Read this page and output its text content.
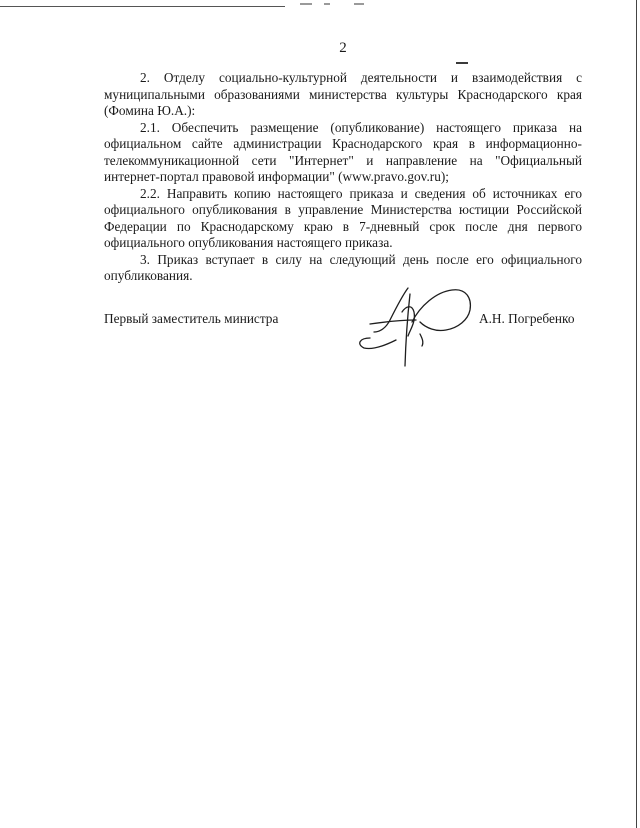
2

2. Отделу социально-культурной деятельности и взаимодействия с муниципальными образованиями министерства культуры Краснодарского края (Фомина Ю.А.):

2.1. Обеспечить размещение (опубликование) настоящего приказа на официальном сайте администрации Краснодарского края в информационно-телекоммуникационной сети "Интернет" и направление на "Официальный интернет-портал правовой информации" (www.pravo.gov.ru);

2.2. Направить копию настоящего приказа и сведения об источниках его официального опубликования в управление Министерства юстиции Российской Федерации по Краснодарскому краю в 7-дневный срок после дня первого официального опубликования настоящего приказа.

3. Приказ вступает в силу на следующий день после его официального опубликования.

Первый заместитель министра	А.Н. Погребенко
